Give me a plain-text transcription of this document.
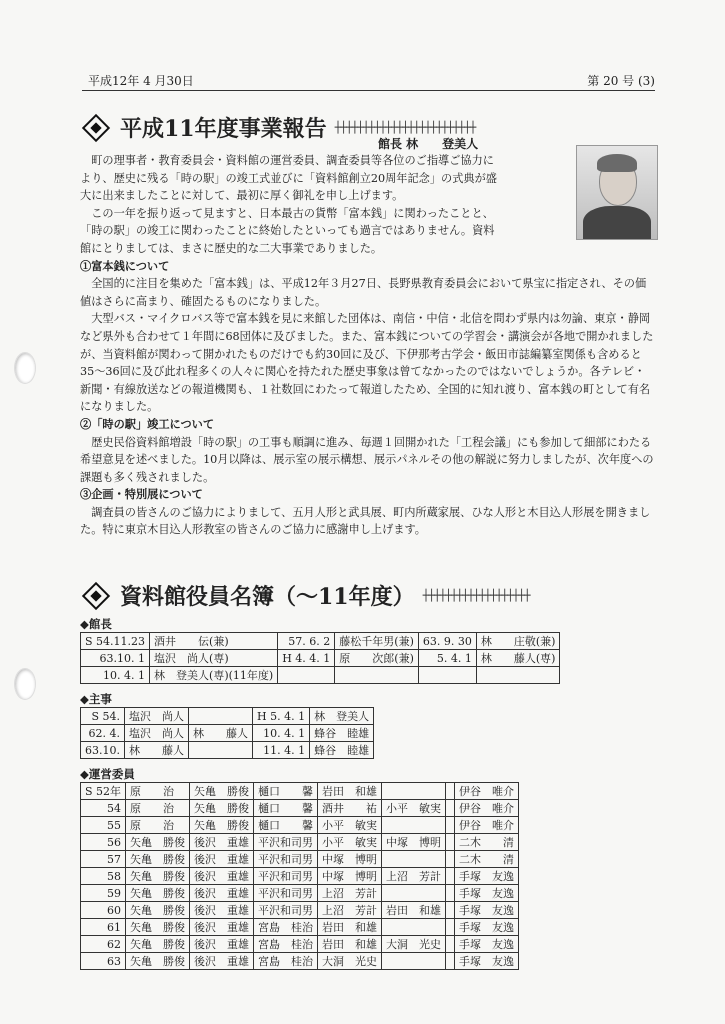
平成12年 4 月30日	第 20 号 (3)
平成11年度事業報告 ┼┼┼┼┼┼┼┼┼┼┼┼┼┼┼┼┼┼┼┼┼┼┼┼┼
館長 林　　登美人

町の理事者・教育委員会・資料館の運営委員、調査委員等各位のご指導ご協力により、歴史に残る「時の駅」の竣工式並びに「資料館創立20周年記念」の式典が盛大に出来ましたことに対して、最初に厚く御礼を申し上げます。

この一年を振り返って見ますと、日本最古の貨幣「富本銭」に関わったことと、「時の駅」の竣工に関わったことに終始したといっても過言ではありません。資料館にとりましては、まさに歴史的な二大事業でありました。

①富本銭について

全国的に注目を集めた「富本銭」は、平成12年３月27日、長野県教育委員会において県宝に指定され、その価値はさらに高まり、確固たるものになりました。

大型バス・マイクロバス等で富本銭を見に来館した団体は、南信・中信・北信を問わず県内は勿論、東京・静岡など県外も合わせて１年間に68団体に及びました。また、富本銭についての学習会・講演会が各地で開かれましたが、当資料館が関わって開かれたものだけでも約30回に及び、下伊那考古学会・飯田市誌編纂室関係も含めると35〜36回に及び此れ程多くの人々に関心を持たれた歴史事象は曾てなかったのではないでしょうか。各テレビ・新聞・有線放送などの報道機関も、１社数回にわたって報道したため、全国的に知れ渡り、富本銭の町として有名になりました。

②「時の駅」竣工について

歴史民俗資料館増設「時の駅」の工事も順調に進み、毎週１回開かれた「工程会議」にも参加して細部にわたる希望意見を述べました。10月以降は、展示室の展示構想、展示パネルその他の解説に努力しましたが、次年度への課題も多く残されました。

③企画・特別展について

調査員の皆さんのご協力によりまして、五月人形と武具展、町内所蔵家展、ひな人形と木目込人形展を開きました。特に東京木目込人形教室の皆さんのご協力に感謝申し上げます。

資料館役員名簿（〜11年度） ┼┼┼┼┼┼┼┼┼┼┼┼┼┼┼┼┼┼┼
◆館長
S 54.11.23	酒井　　伝(兼)	57. 6. 2	藤松千年男(兼)	63. 9. 30	林　　庄敬(兼)
63.10. 1	塩沢　尚人(専)	H 4. 4. 1	原　　次郎(兼)	5. 4. 1	林　　藤人(専)
10. 4. 1	林　登美人(専)(11年度)				
◆主事
S 54.	塩沢　尚人		H 5. 4. 1	林　登美人
62. 4.	塩沢　尚人	林　　藤人	10. 4. 1	蜂谷　睦雄
63.10.	林　　藤人		11. 4. 1	蜂谷　睦雄
◆運営委員
S 52年	原　　治	矢亀　勝俊	樋口　　馨	岩田　和雄			伊谷　唯介
54	原　　治	矢亀　勝俊	樋口　　馨	酒井　　祐	小平　敏実		伊谷　唯介
55	原　　治	矢亀　勝俊	樋口　　馨	小平　敏実			伊谷　唯介
56	矢亀　勝俊	後沢　重雄	平沢和司男	小平　敏実	中塚　博明		二木　　清
57	矢亀　勝俊	後沢　重雄	平沢和司男	中塚　博明			二木　　清
58	矢亀　勝俊	後沢　重雄	平沢和司男	中塚　博明	上沼　芳計		手塚　友逸
59	矢亀　勝俊	後沢　重雄	平沢和司男	上沼　芳計			手塚　友逸
60	矢亀　勝俊	後沢　重雄	平沢和司男	上沼　芳計	岩田　和雄		手塚　友逸
61	矢亀　勝俊	後沢　重雄	宮島　桂治	岩田　和雄			手塚　友逸
62	矢亀　勝俊	後沢　重雄	宮島　桂治	岩田　和雄	大洞　光史		手塚　友逸
63	矢亀　勝俊	後沢　重雄	宮島　桂治	大洞　光史			手塚　友逸
